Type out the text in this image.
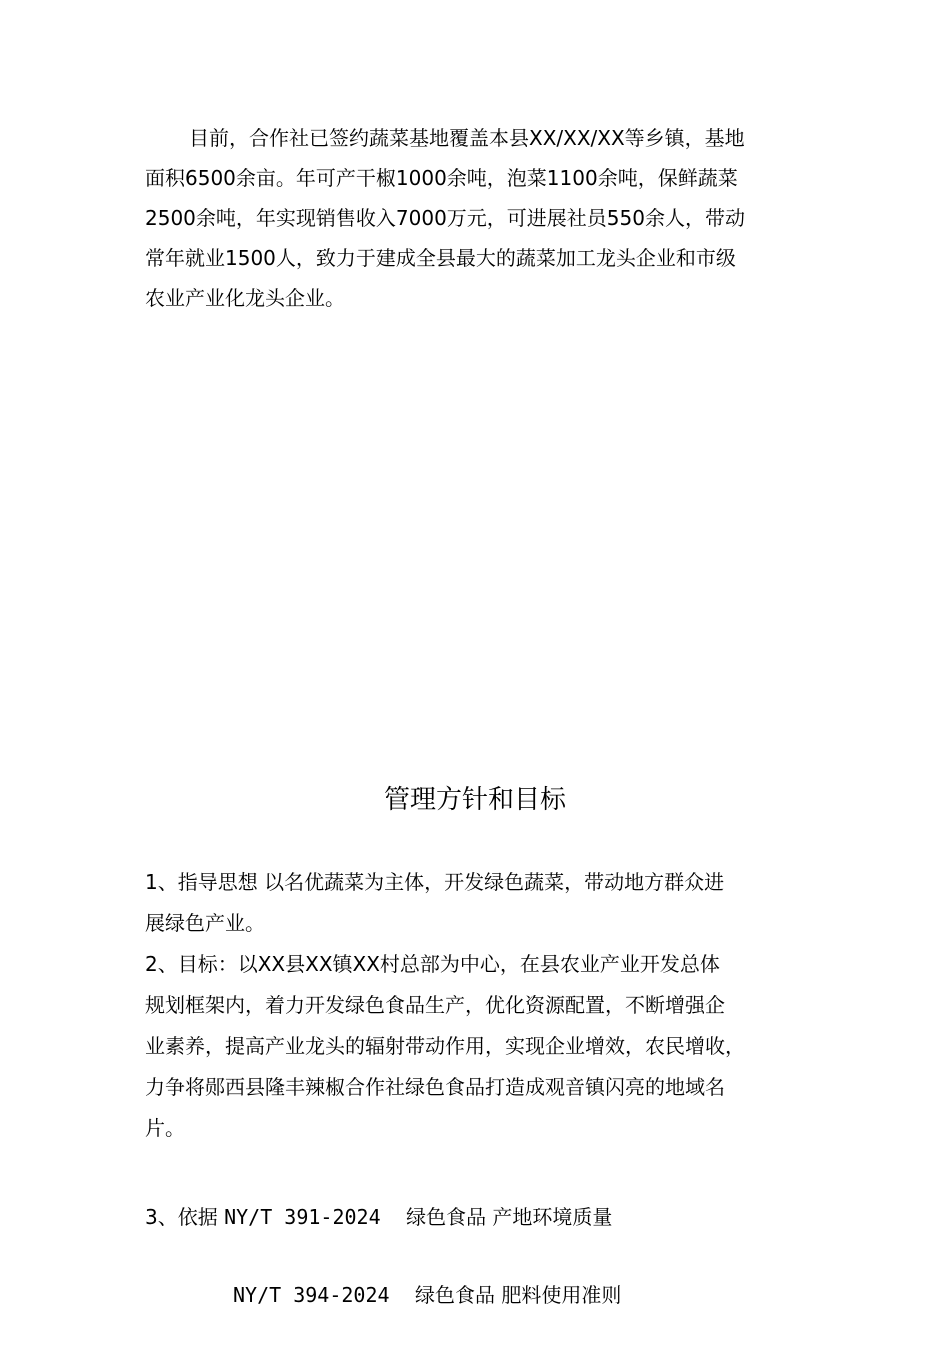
目前，合作社已签约蔬菜基地覆盖本县XX/XX/XX等乡镇，基地
面积6500余亩。年可产干椒1000余吨，泡菜1100余吨，保鲜蔬菜
2500余吨，年实现销售收入7000万元，可进展社员550余人，带动
常年就业1500人，致力于建成全县最大的蔬菜加工龙头企业和市级
农业产业化龙头企业。

管理方针和目标
1、指导思想 以名优蔬菜为主体，开发绿色蔬菜，带动地方群众进
展绿色产业。
2、目标：以XX县XX镇XX村总部为中心，在县农业产业开发总体
规划框架内，着力开发绿色食品生产，优化资源配置，不断增强企
业素养，提高产业龙头的辐射带动作用，实现企业增效，农民增收，
力争将郧西县隆丰辣椒合作社绿色食品打造成观音镇闪亮的地域名
片。

3、依据 NY/T 391-2024 绿色食品 产地环境质量

NY/T 394-2024 绿色食品 肥料使用准则
